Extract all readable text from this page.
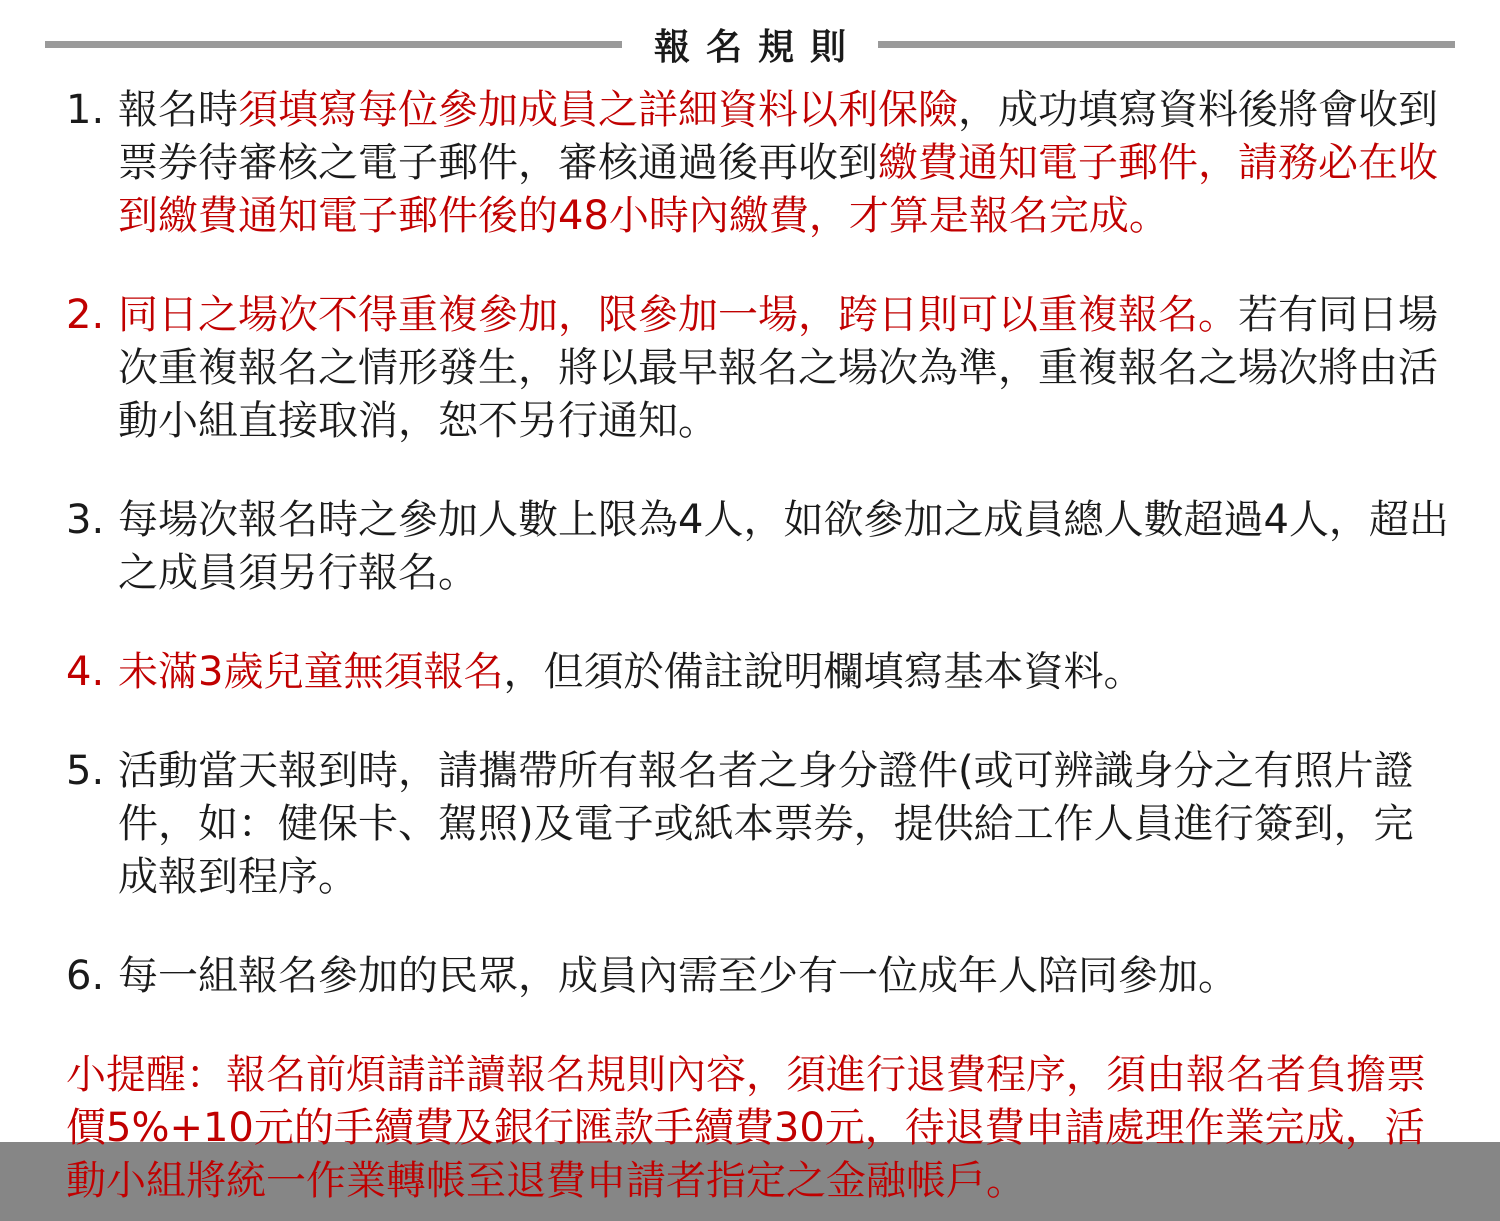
報名規則
1. 報名時須填寫每位參加成員之詳細資料以利保險，成功填寫資料後將會收到票券待審核之電子郵件，審核通過後再收到繳費通知電子郵件，請務必在收到繳費通知電子郵件後的48小時內繳費，才算是報名完成。

2. 同日之場次不得重複參加，限參加一場，跨日則可以重複報名。若有同日場次重複報名之情形發生，將以最早報名之場次為準，重複報名之場次將由活動小組直接取消，恕不另行通知。

3. 每場次報名時之參加人數上限為4人，如欲參加之成員總人數超過4人，超出之成員須另行報名。

4. 未滿3歲兒童無須報名，但須於備註說明欄填寫基本資料。

5. 活動當天報到時，請攜帶所有報名者之身分證件(或可辨識身分之有照片證件，如：健保卡、駕照)及電子或紙本票券，提供給工作人員進行簽到，完成報到程序。

6. 每一組報名參加的民眾，成員內需至少有一位成年人陪同參加。

小提醒：報名前煩請詳讀報名規則內容，須進行退費程序，須由報名者負擔票價5%+10元的手續費及銀行匯款手續費30元，待退費申請處理作業完成，活動小組將統一作業轉帳至退費申請者指定之金融帳戶。
